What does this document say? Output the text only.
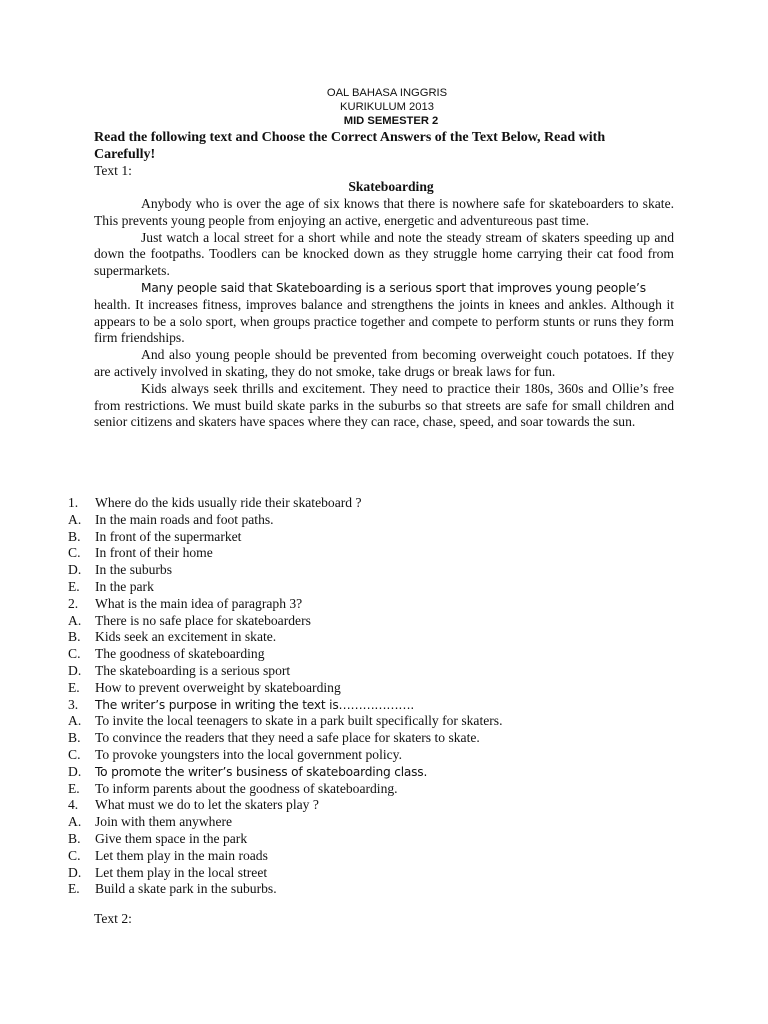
OAL BAHASA INGGRIS
KURIKULUM 2013
MID SEMESTER 2
Read the following text and Choose the Correct Answers of the Text Below, Read with
Carefully!
Text 1:
Skateboarding

Anybody who is over the age of six knows that there is nowhere safe for skateboarders to skate. This prevents young people from enjoying an active, energetic and adventureous past time.

Just watch a local street for a short while and note the steady stream of skaters speeding up and down the footpaths. Toodlers can be knocked down as they struggle home carrying their cat food from supermarkets.

Many people said that Skateboarding is a serious sport that improves young people’s

health. It increases fitness, improves balance and strengthens the joints in knees and ankles. Although it appears to be a solo sport, when groups practice together and compete to perform stunts or runs they form firm friendships.

And also young people should be prevented from becoming overweight couch potatoes. If they are actively involved in skating, they do not smoke, take drugs or break laws for fun.

Kids always seek thrills and excitement. They need to practice their 180s, 360s and Ollie’s free from restrictions. We must build skate parks in the suburbs so that streets are safe for small children and senior citizens and skaters have spaces where they can race, chase, speed, and soar towards the sun.

1.	Where do the kids usually ride their skateboard ?
A.	In the main roads and foot paths.
B.	In front of the supermarket
C.	In front of their home
D.	In the suburbs
E.	In the park
2.	What is the main idea of paragraph 3?
A.	There is no safe place for skateboarders
B.	Kids seek an excitement in skate.
C.	The goodness of skateboarding
D.	The skateboarding is a serious sport
E.	How to prevent overweight by skateboarding
3.	The writer’s purpose in writing the text is……………….
A.	To invite the local teenagers to skate in a park built specifically for skaters.
B.	To convince the readers that they need a safe place for skaters to skate.
C.	To provoke youngsters into the local government policy.
D.	To promote the writer’s business of skateboarding class.
E.	To inform parents about the goodness of skateboarding.
4.	What must we do to let the skaters play ?
A.	Join with them anywhere
B.	Give them space in the park
C.	Let them play in the main roads
D.	Let them play in the local street
E.	Build a skate park in the suburbs.
Text 2:
